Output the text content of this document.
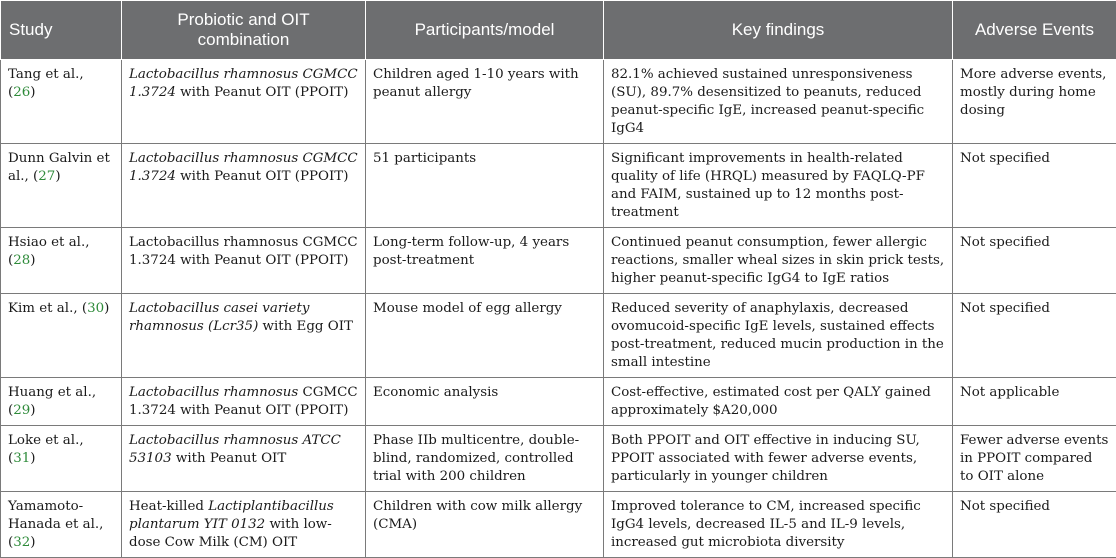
Study	Probiotic and OIT combination	Participants/model	Key findings	Adverse Events
Tang et al., (26)	Lactobacillus rhamnosus CGMCC 1.3724 with Peanut OIT (PPOIT)	Children aged 1-10 years with peanut allergy	82.1% achieved sustained unresponsiveness (SU), 89.7% desensitized to peanuts, reduced peanut-specific IgE, increased peanut-specific IgG4	More adverse events, mostly during home dosing
Dunn Galvin et al., (27)	Lactobacillus rhamnosus CGMCC 1.3724 with Peanut OIT (PPOIT)	51 participants	Significant improvements in health-related quality of life (HRQL) measured by FAQLQ-PF and FAIM, sustained up to 12 months post-treatment	Not specified
Hsiao et al., (28)	Lactobacillus rhamnosus CGMCC 1.3724 with Peanut OIT (PPOIT)	Long-term follow-up, 4 years post-treatment	Continued peanut consumption, fewer allergic reactions, smaller wheal sizes in skin prick tests, higher peanut-specific IgG4 to IgE ratios	Not specified
Kim et al., (30)	Lactobacillus casei variety rhamnosus (Lcr35) with Egg OIT	Mouse model of egg allergy	Reduced severity of anaphylaxis, decreased ovomucoid-specific IgE levels, sustained effects post-treatment, reduced mucin production in the small intestine	Not specified
Huang et al., (29)	Lactobacillus rhamnosus CGMCC 1.3724 with Peanut OIT (PPOIT)	Economic analysis	Cost-effective, estimated cost per QALY gained approximately $A20,000	Not applicable
Loke et al., (31)	Lactobacillus rhamnosus ATCC 53103 with Peanut OIT	Phase IIb multicentre, double-blind, randomized, controlled trial with 200 children	Both PPOIT and OIT effective in inducing SU, PPOIT associated with fewer adverse events, particularly in younger children	Fewer adverse events in PPOIT compared to OIT alone
Yamamoto-Hanada et al., (32)	Heat-killed Lactiplantibacillus plantarum YIT 0132 with low-dose Cow Milk (CM) OIT	Children with cow milk allergy (CMA)	Improved tolerance to CM, increased specific IgG4 levels, decreased IL-5 and IL-9 levels, increased gut microbiota diversity	Not specified
